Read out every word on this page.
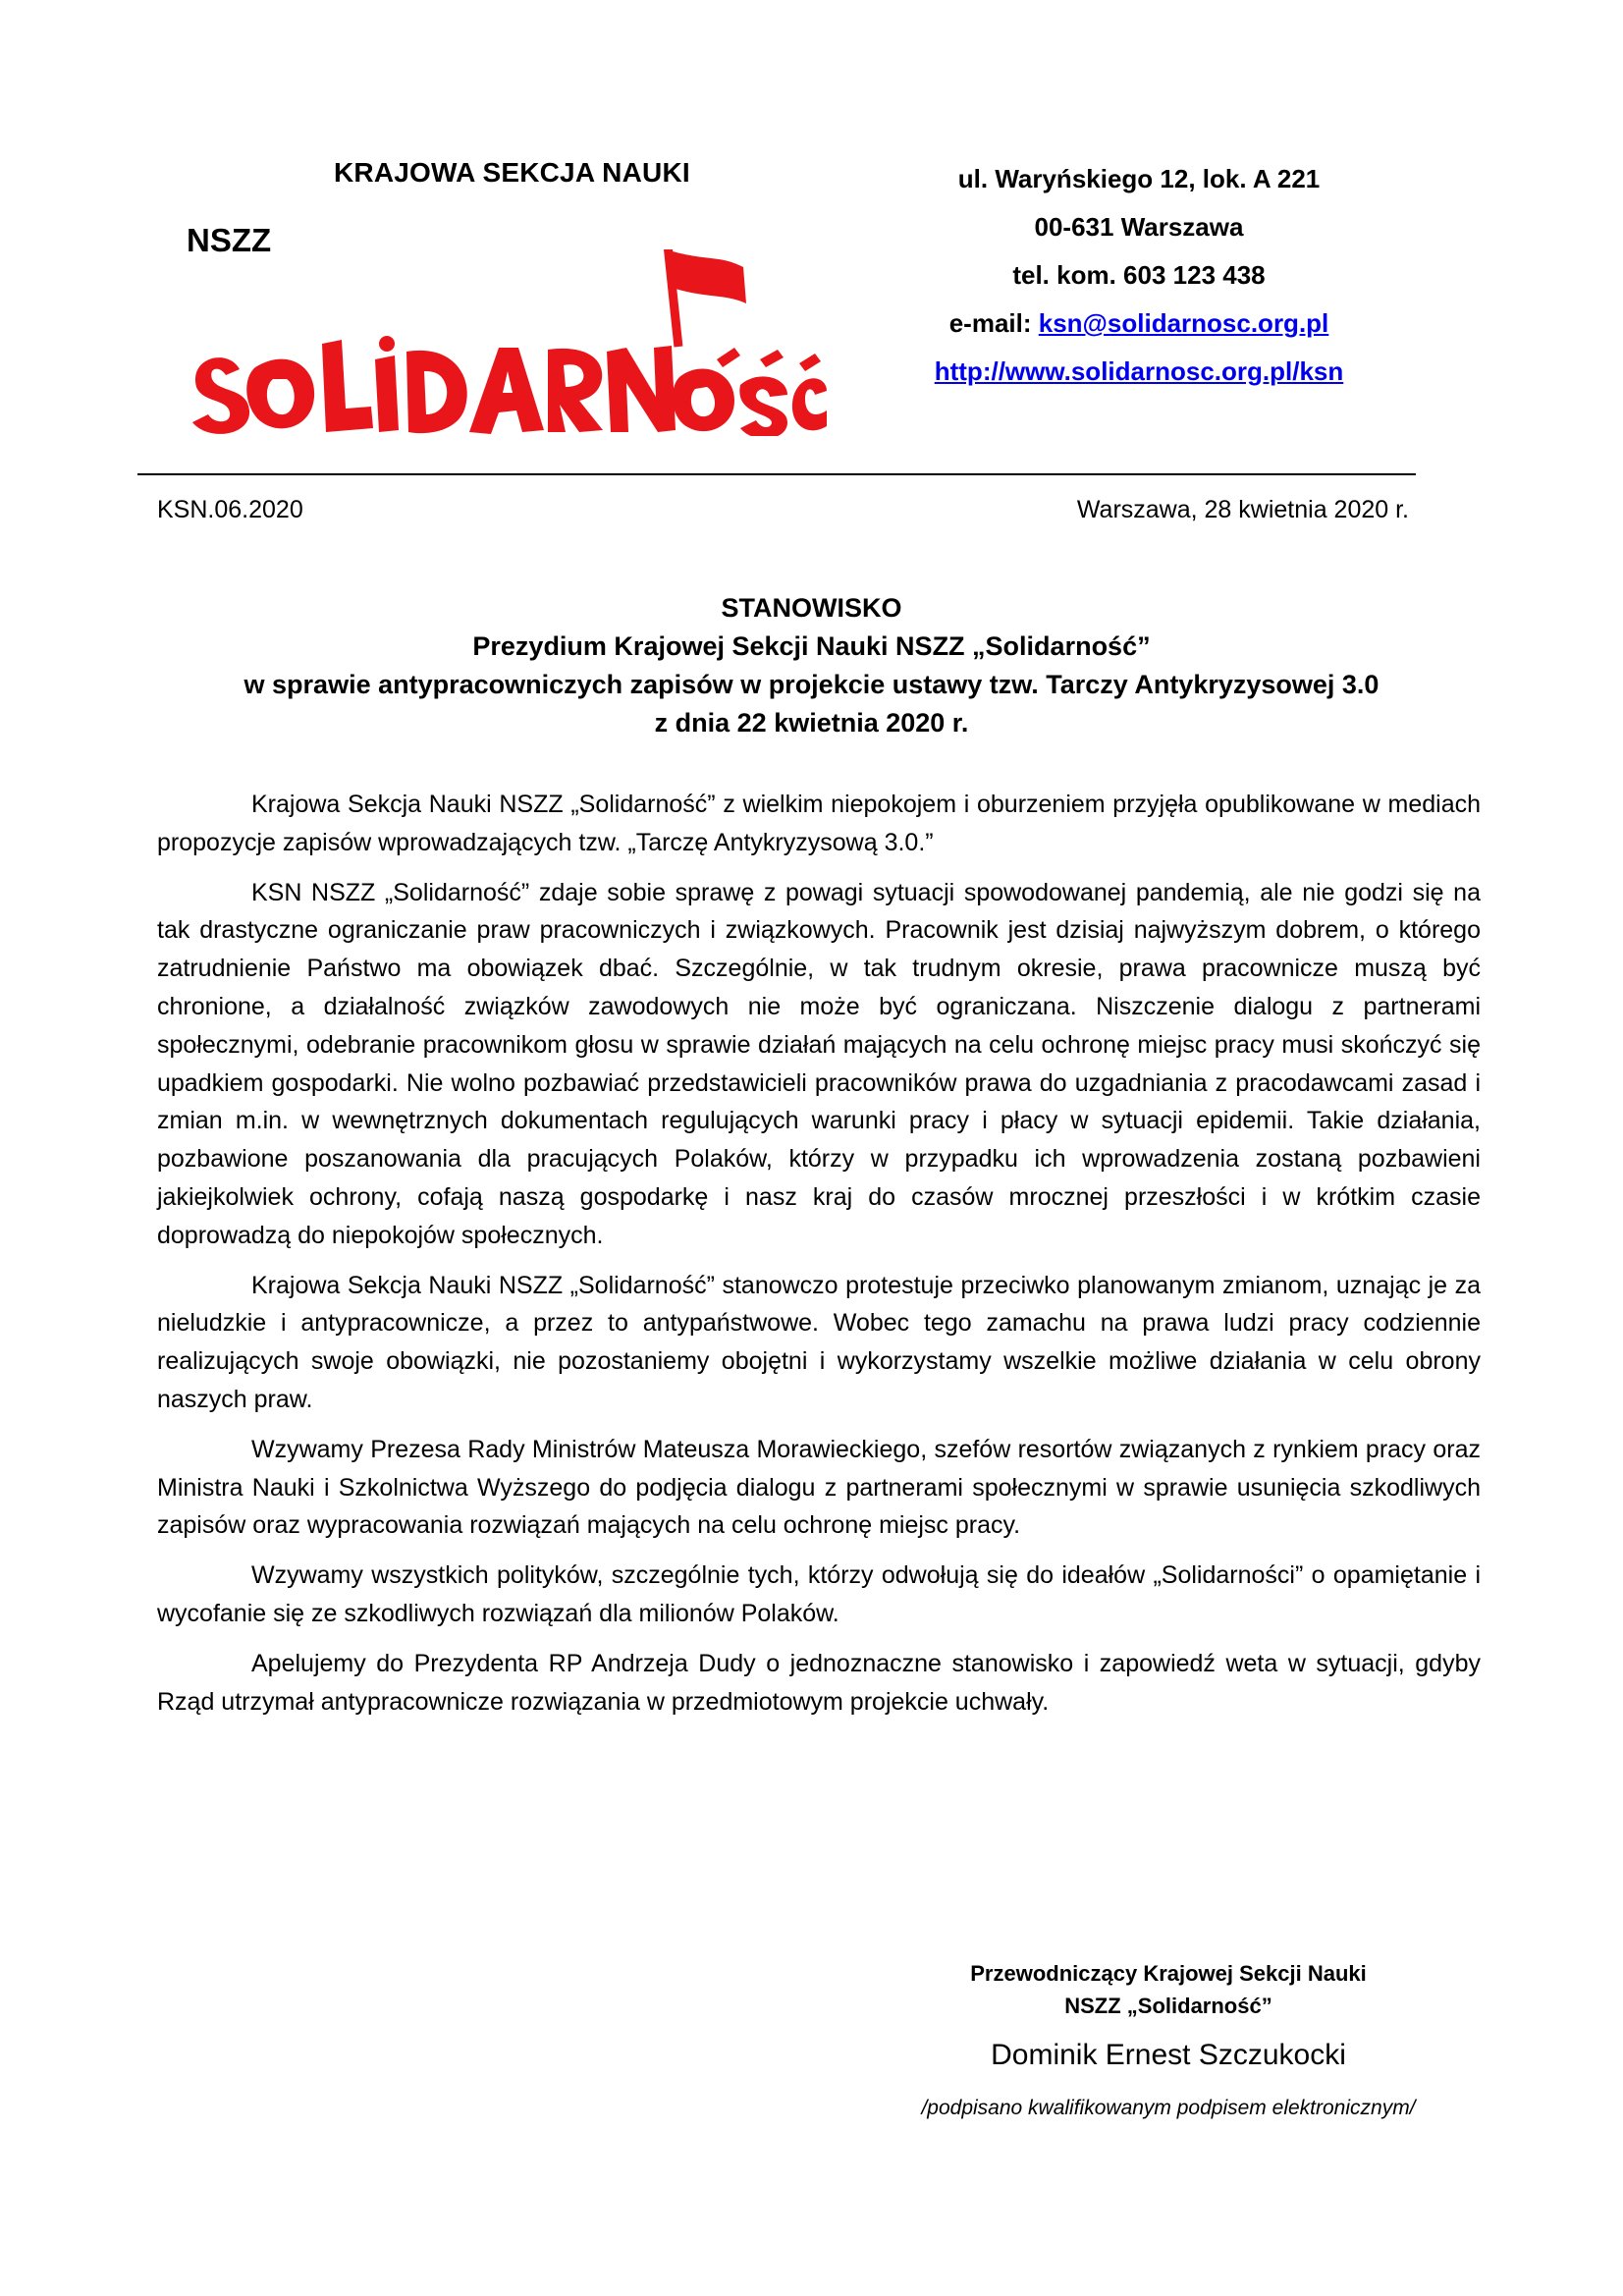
KRAJOWA SEKCJA NAUKI
NSZZ
ul. Waryńskiego 12, lok. A 221
00-631 Warszawa
tel. kom. 603 123 438
e-mail: ksn@solidarnosc.org.pl
http://www.solidarnosc.org.pl/ksn
KSN.06.2020	Warszawa, 28 kwietnia 2020 r.
STANOWISKO
Prezydium Krajowej Sekcji Nauki NSZZ „Solidarność”
w sprawie antypracowniczych zapisów w projekcie ustawy tzw. Tarczy Antykryzysowej 3.0
z dnia 22 kwietnia 2020 r.

Krajowa Sekcja Nauki NSZZ „Solidarność” z wielkim niepokojem i oburzeniem przyjęła opublikowane w mediach propozycje zapisów wprowadzających tzw. „Tarczę Antykryzysową 3.0.”

KSN NSZZ „Solidarność” zdaje sobie sprawę z powagi sytuacji spowodowanej pandemią, ale nie godzi się na tak drastyczne ograniczanie praw pracowniczych i związkowych. Pracownik jest dzisiaj najwyższym dobrem, o którego zatrudnienie Państwo ma obowiązek dbać. Szczególnie, w tak trudnym okresie, prawa pracownicze muszą być chronione, a działalność związków zawodowych nie może być ograniczana. Niszczenie dialogu z partnerami społecznymi, odebranie pracownikom głosu w sprawie działań mających na celu ochronę miejsc pracy musi skończyć się upadkiem gospodarki. Nie wolno pozbawiać przedstawicieli pracowników prawa do uzgadniania z pracodawcami zasad i zmian m.in. w wewnętrznych dokumentach regulujących warunki pracy i płacy w sytuacji epidemii. Takie działania, pozbawione poszanowania dla pracujących Polaków, którzy w przypadku ich wprowadzenia zostaną pozbawieni jakiejkolwiek ochrony, cofają naszą gospodarkę i nasz kraj do czasów mrocznej przeszłości i w krótkim czasie doprowadzą do niepokojów społecznych.

Krajowa Sekcja Nauki NSZZ „Solidarność” stanowczo protestuje przeciwko planowanym zmianom, uznając je za nieludzkie i antypracownicze, a przez to antypaństwowe. Wobec tego zamachu na prawa ludzi pracy codziennie realizujących swoje obowiązki, nie pozostaniemy obojętni i wykorzystamy wszelkie możliwe działania w celu obrony naszych praw.

Wzywamy Prezesa Rady Ministrów Mateusza Morawieckiego, szefów resortów związanych z rynkiem pracy oraz Ministra Nauki i Szkolnictwa Wyższego do podjęcia dialogu z partnerami społecznymi w sprawie usunięcia szkodliwych zapisów oraz wypracowania rozwiązań mających na celu ochronę miejsc pracy.

Wzywamy wszystkich polityków, szczególnie tych, którzy odwołują się do ideałów „Solidarności” o opamiętanie i wycofanie się ze szkodliwych rozwiązań dla milionów Polaków.

Apelujemy do Prezydenta RP Andrzeja Dudy o jednoznaczne stanowisko i zapowiedź weta w sytuacji, gdyby Rząd utrzymał antypracownicze rozwiązania w przedmiotowym projekcie uchwały.

Przewodniczący Krajowej Sekcji Nauki
NSZZ „Solidarność”
Dominik Ernest Szczukocki
/podpisano kwalifikowanym podpisem elektronicznym/
